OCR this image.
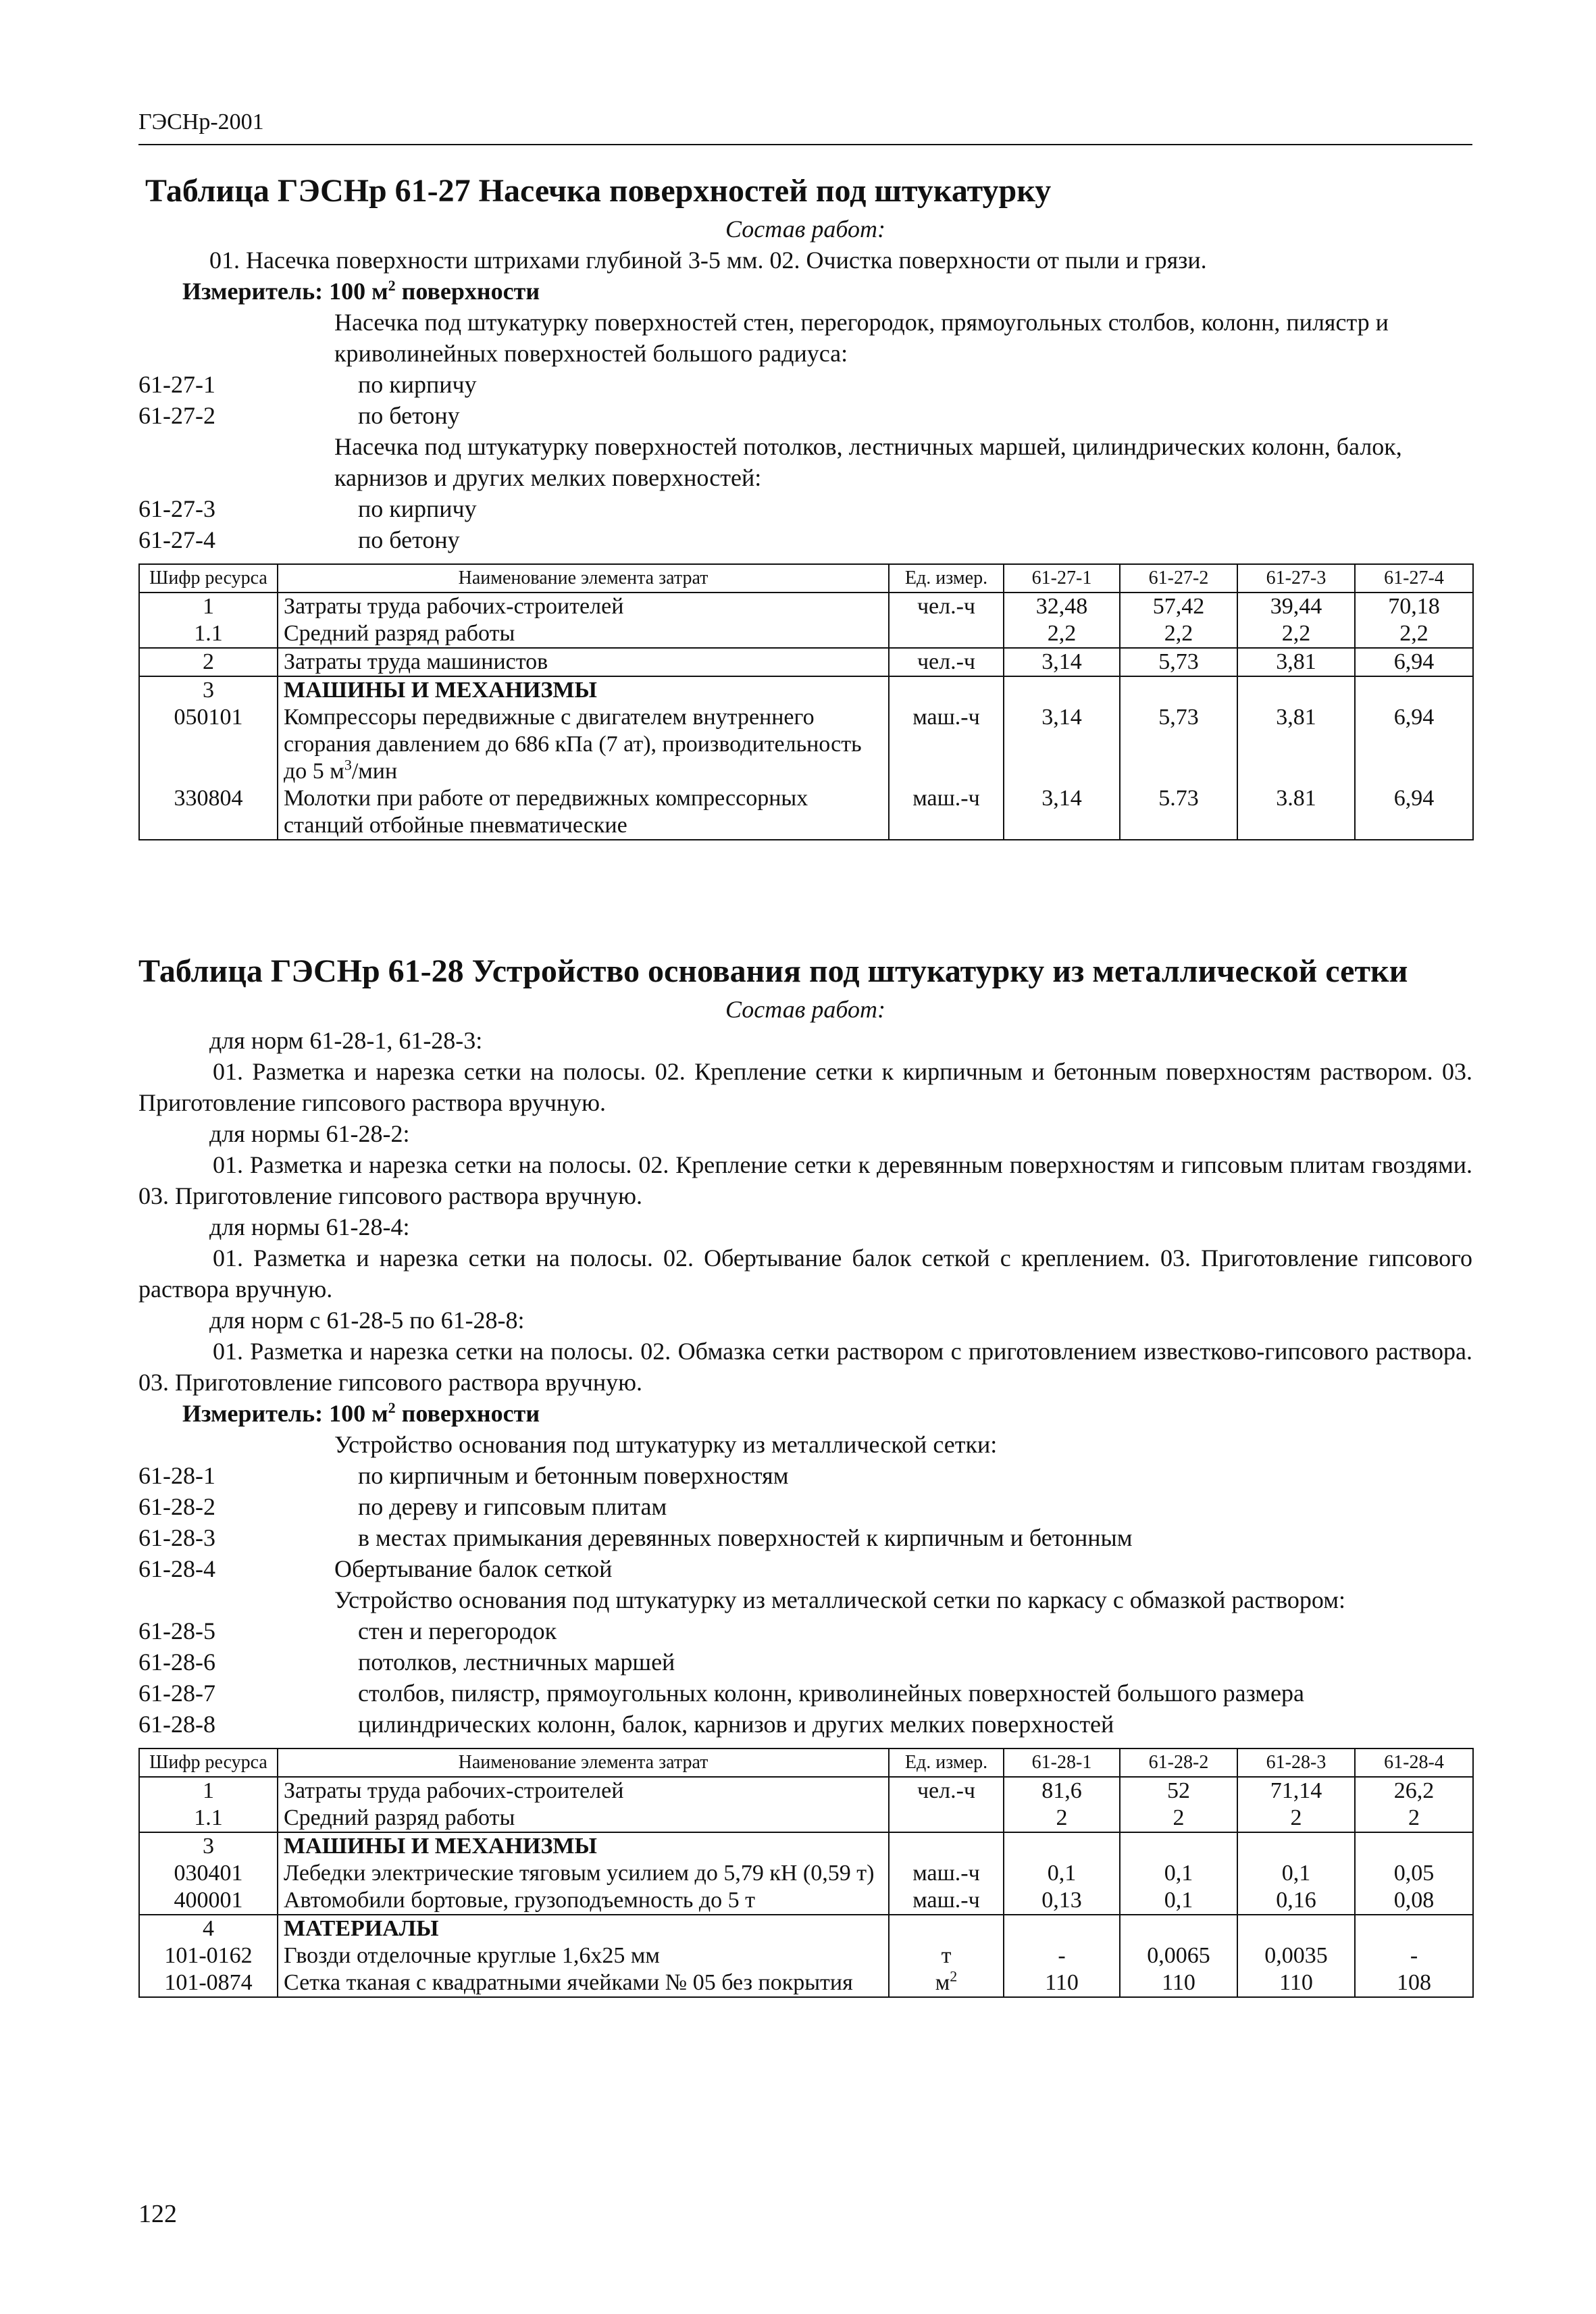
ГЭСНр-2001
Таблица ГЭСНр 61-27 Насечка поверхностей под штукатурку
Состав работ:
01. Насечка поверхности штрихами глубиной 3-5 мм. 02. Очистка поверхности от пыли и грязи.
Измеритель: 100 $м^2$ поверхности
Насечка под штукатурку поверхностей стен, перегородок, прямоугольных столбов, колонн, пилястр и криволинейных поверхностей большого радиуса:
61-27-1	по кирпичу
61-27-2	по бетону
Насечка под штукатурку поверхностей потолков, лестничных маршей, цилиндрических колонн, балок, карнизов и других мелких поверхностей:
61-27-3	по кирпичу
61-27-4	по бетону
Шифр ресурса	Наименование элемента затрат	Ед. измер.	61-27-1	61-27-2	61-27-3	61-27-4
1	Затраты труда рабочих-строителей	чел.-ч	32,48	57,42	39,44	70,18
1.1	Средний разряд работы		2,2	2,2	2,2	2,2
2	Затраты труда машинистов	чел.-ч	3,14	5,73	3,81	6,94
3	МАШИНЫ И МЕХАНИЗМЫ					
050101	Компрессоры передвижные с двигателем внутреннего сгорания давлением до 686 кПа (7 ат), производительность до 5 $м^3$/мин	маш.-ч	3,14	5,73	3,81	6,94
330804	Молотки при работе от передвижных компрессорных станций отбойные пневматические	маш.-ч	3,14	5.73	3.81	6,94
Таблица ГЭСНр 61-28 Устройство основания под штукатурку из металлической сетки
Состав работ:
для норм 61-28-1, 61-28-3:
01. Разметка и нарезка сетки на полосы. 02. Крепление сетки к кирпичным и бетонным поверхностям раствором. 03. Приготовление гипсового раствора вручную.
для нормы 61-28-2:
01. Разметка и нарезка сетки на полосы. 02. Крепление сетки к деревянным поверхностям и гипсовым плитам гвоздями. 03. Приготовление гипсового раствора вручную.
для нормы 61-28-4:
01. Разметка и нарезка сетки на полосы. 02. Обертывание балок сеткой с креплением. 03. Приготовление гипсового раствора вручную.
для норм с 61-28-5 по 61-28-8:
01. Разметка и нарезка сетки на полосы. 02. Обмазка сетки раствором с приготовлением известково-гипсового раствора. 03. Приготовление гипсового раствора вручную.
Измеритель: 100 $м^2$ поверхности
Устройство основания под штукатурку из металлической сетки:
61-28-1	по кирпичным и бетонным поверхностям
61-28-2	по дереву и гипсовым плитам
61-28-3	в местах примыкания деревянных поверхностей к кирпичным и бетонным
61-28-4	Обертывание балок сеткой
Устройство основания под штукатурку из металлической сетки по каркасу с обмазкой раствором:
61-28-5	стен и перегородок
61-28-6	потолков, лестничных маршей
61-28-7	столбов, пилястр, прямоугольных колонн, криволинейных поверхностей большого размера
61-28-8	цилиндрических колонн, балок, карнизов и других мелких поверхностей
Шифр ресурса	Наименование элемента затрат	Ед. измер.	61-28-1	61-28-2	61-28-3	61-28-4
1	Затраты труда рабочих-строителей	чел.-ч	81,6	52	71,14	26,2
1.1	Средний разряд работы		2	2	2	2
3	МАШИНЫ И МЕХАНИЗМЫ					
030401	Лебедки электрические тяговым усилием до 5,79 кН (0,59 т)	маш.-ч	0,1	0,1	0,1	0,05
400001	Автомобили бортовые, грузоподъемность до 5 т	маш.-ч	0,13	0,1	0,16	0,08
4	МАТЕРИАЛЫ					
101-0162	Гвозди отделочные круглые 1,6х25 мм	т	-	0,0065	0,0035	-
101-0874	Сетка тканая с квадратными ячейками № 05 без покрытия	$м^2$	110	110	110	108
122
